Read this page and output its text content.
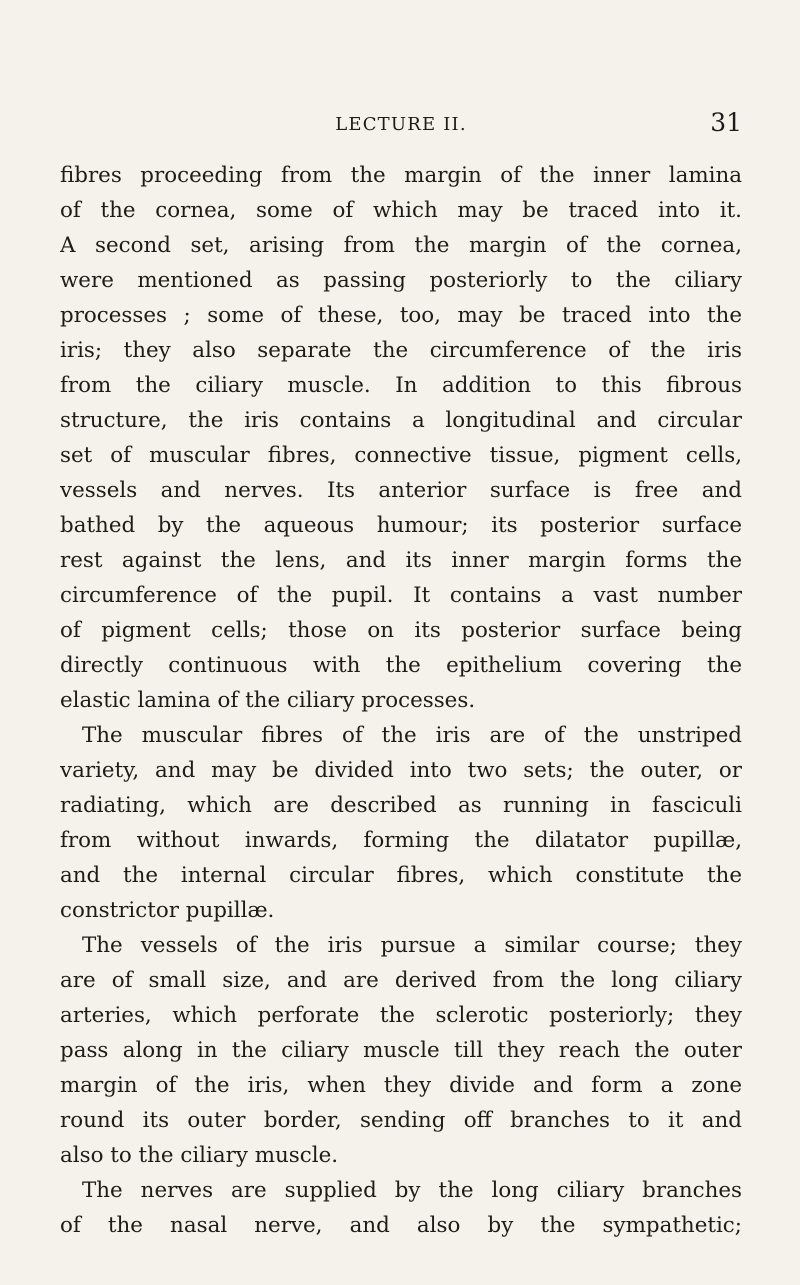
LECTURE II.	31
fibres proceeding from the margin of the inner lamina
of the cornea, some of which may be traced into it.
A second set, arising from the margin of the cornea,
were mentioned as passing posteriorly to the ciliary
processes ; some of these, too, may be traced into the
iris; they also separate the circumference of the iris
from the ciliary muscle. In addition to this fibrous
structure, the iris contains a longitudinal and circular
set of muscular fibres, connective tissue, pigment cells,
vessels and nerves. Its anterior surface is free and
bathed by the aqueous humour; its posterior surface
rest against the lens, and its inner margin forms the
circumference of the pupil. It contains a vast number
of pigment cells; those on its posterior surface being
directly continuous with the epithelium covering the
elastic lamina of the ciliary processes.
The muscular fibres of the iris are of the unstriped
variety, and may be divided into two sets; the outer, or
radiating, which are described as running in fasciculi
from without inwards, forming the dilatator pupillæ,
and the internal circular fibres, which constitute the
constrictor pupillæ.
The vessels of the iris pursue a similar course; they
are of small size, and are derived from the long ciliary
arteries, which perforate the sclerotic posteriorly; they
pass along in the ciliary muscle till they reach the outer
margin of the iris, when they divide and form a zone
round its outer border, sending off branches to it and
also to the ciliary muscle.
The nerves are supplied by the long ciliary branches
of the nasal nerve, and also by the sympathetic;
